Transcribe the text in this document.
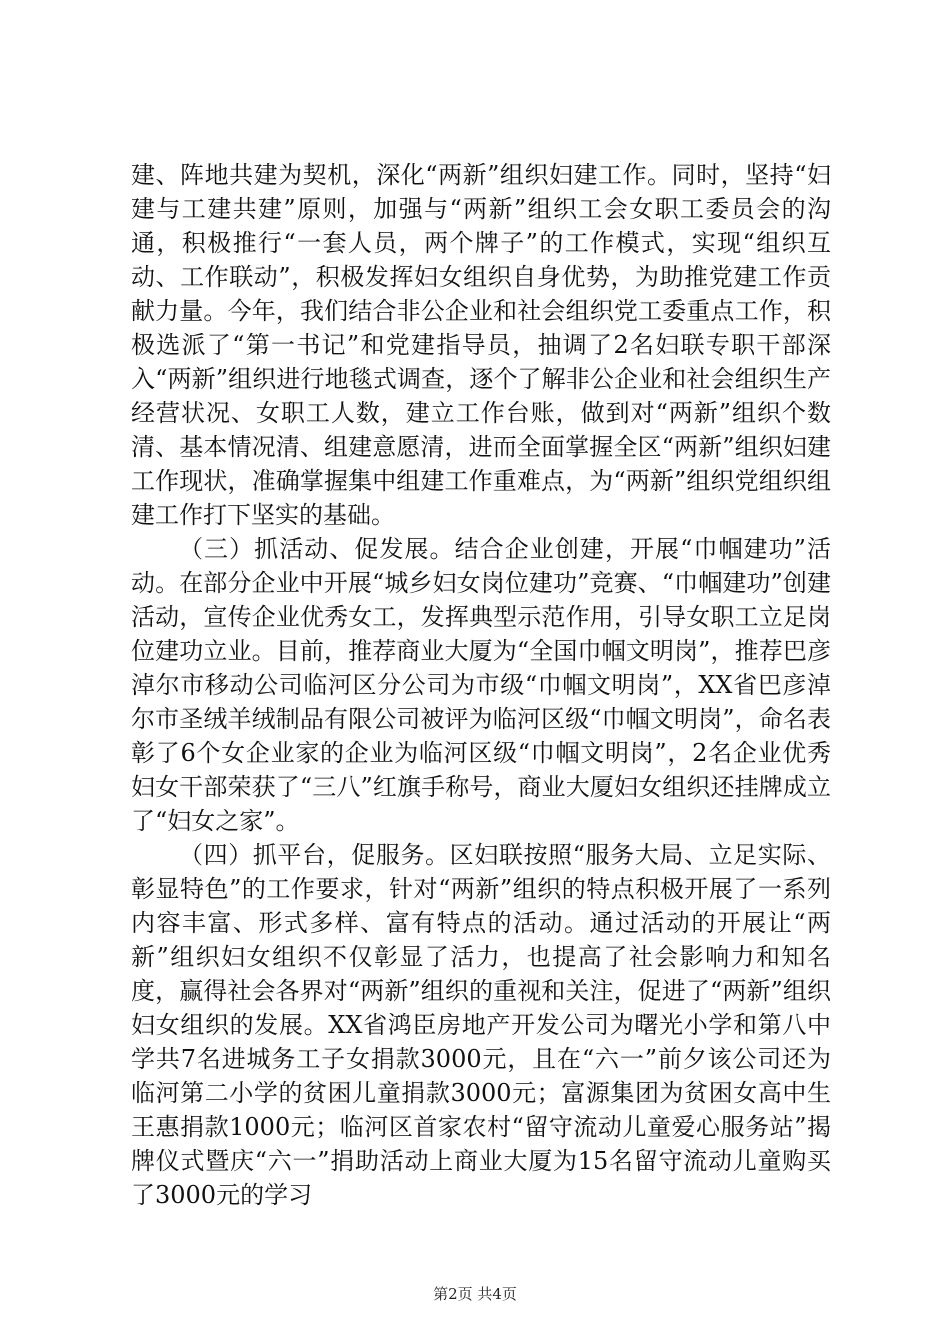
建、阵地共建为契机，深化“两新”组织妇建工作。同时，坚持“妇建与工建共建”原则，加强与“两新”组织工会女职工委员会的沟通，积极推行“一套人员，两个牌子”的工作模式，实现“组织互动、工作联动”，积极发挥妇女组织自身优势，为助推党建工作贡献力量。今年，我们结合非公企业和社会组织党工委重点工作，积极选派了“第一书记”和党建指导员，抽调了2名妇联专职干部深入“两新”组织进行地毯式调查，逐个了解非公企业和社会组织生产经营状况、女职工人数，建立工作台账，做到对“两新”组织个数清、基本情况清、组建意愿清，进而全面掌握全区“两新”组织妇建工作现状，准确掌握集中组建工作重难点，为“两新”组织党组织组建工作打下坚实的基础。

（三）抓活动、促发展。结合企业创建，开展“巾帼建功”活动。在部分企业中开展“城乡妇女岗位建功”竞赛、“巾帼建功”创建活动，宣传企业优秀女工，发挥典型示范作用，引导女职工立足岗位建功立业。目前，推荐商业大厦为“全国巾帼文明岗”，推荐巴彦淖尔市移动公司临河区分公司为市级“巾帼文明岗”，XX省巴彦淖尔市圣绒羊绒制品有限公司被评为临河区级“巾帼文明岗”，命名表彰了6个女企业家的企业为临河区级“巾帼文明岗”，2名企业优秀妇女干部荣获了“三八”红旗手称号，商业大厦妇女组织还挂牌成立了“妇女之家”。

（四）抓平台，促服务。区妇联按照“服务大局、立足实际、彰显特色”的工作要求，针对“两新”组织的特点积极开展了一系列内容丰富、形式多样、富有特点的活动。通过活动的开展让“两新”组织妇女组织不仅彰显了活力，也提高了社会影响力和知名度，赢得社会各界对“两新”组织的重视和关注，促进了“两新”组织妇女组织的发展。XX省鸿臣房地产开发公司为曙光小学和第八中学共7名进城务工子女捐款3000元，且在“六一”前夕该公司还为临河第二小学的贫困儿童捐款3000元；富源集团为贫困女高中生王惠捐款1000元；临河区首家农村“留守流动儿童爱心服务站”揭牌仪式暨庆“六一”捐助活动上商业大厦为15名留守流动儿童购买了3000元的学习

第2页 共4页
